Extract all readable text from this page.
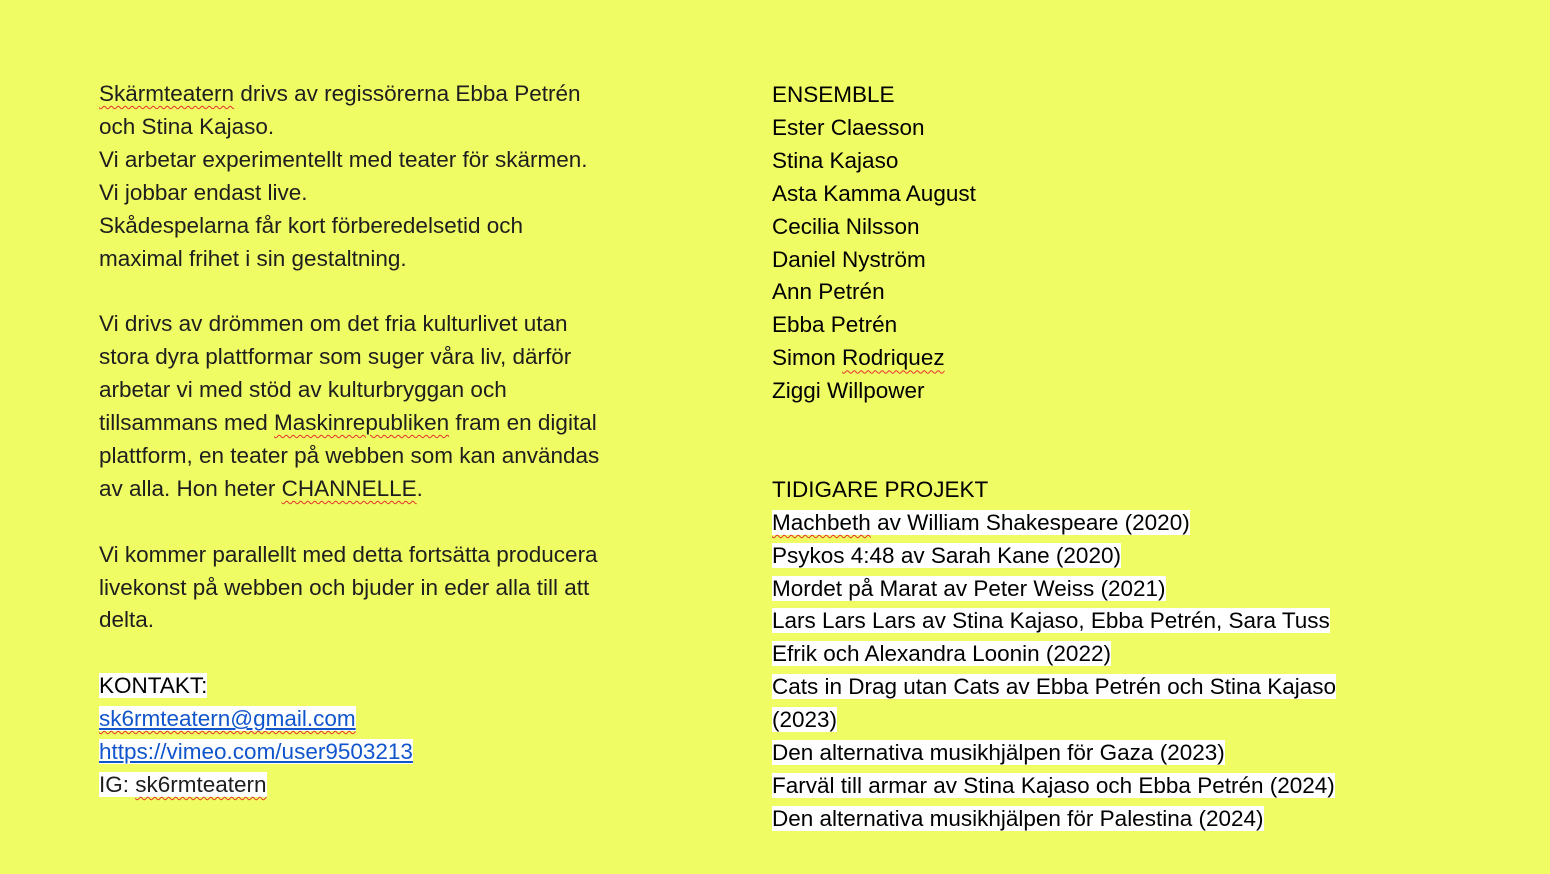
Skärmteatern drivs av regissörerna Ebba Petrén
och Stina Kajaso.
Vi arbetar experimentellt med teater för skärmen.
Vi jobbar endast live.
Skådespelarna får kort förberedelsetid och
maximal frihet i sin gestaltning.
Vi drivs av drömmen om det fria kulturlivet utan
stora dyra plattformar som suger våra liv, därför
arbetar vi med stöd av kulturbryggan och
tillsammans med Maskinrepubliken fram en digital
plattform, en teater på webben som kan användas
av alla. Hon heter CHANNELLE.
Vi kommer parallellt med detta fortsätta producera
livekonst på webben och bjuder in eder alla till att
delta.
KONTAKT:
sk6rmteatern@gmail.com
https://vimeo.com/user9503213
IG: sk6rmteatern
ENSEMBLE
Ester Claesson
Stina Kajaso
Asta Kamma August
Cecilia Nilsson
Daniel Nyström
Ann Petrén
Ebba Petrén
Simon Rodriquez
Ziggi Willpower
TIDIGARE PROJEKT
Machbeth av William Shakespeare (2020)
Psykos 4:48 av Sarah Kane (2020)
Mordet på Marat av Peter Weiss (2021)
Lars Lars Lars av Stina Kajaso, Ebba Petrén, Sara Tuss
Efrik och Alexandra Loonin (2022)
Cats in Drag utan Cats av Ebba Petrén och Stina Kajaso
(2023)
Den alternativa musikhjälpen för Gaza (2023)
Farväl till armar av Stina Kajaso och Ebba Petrén (2024)
Den alternativa musikhjälpen för Palestina (2024)
